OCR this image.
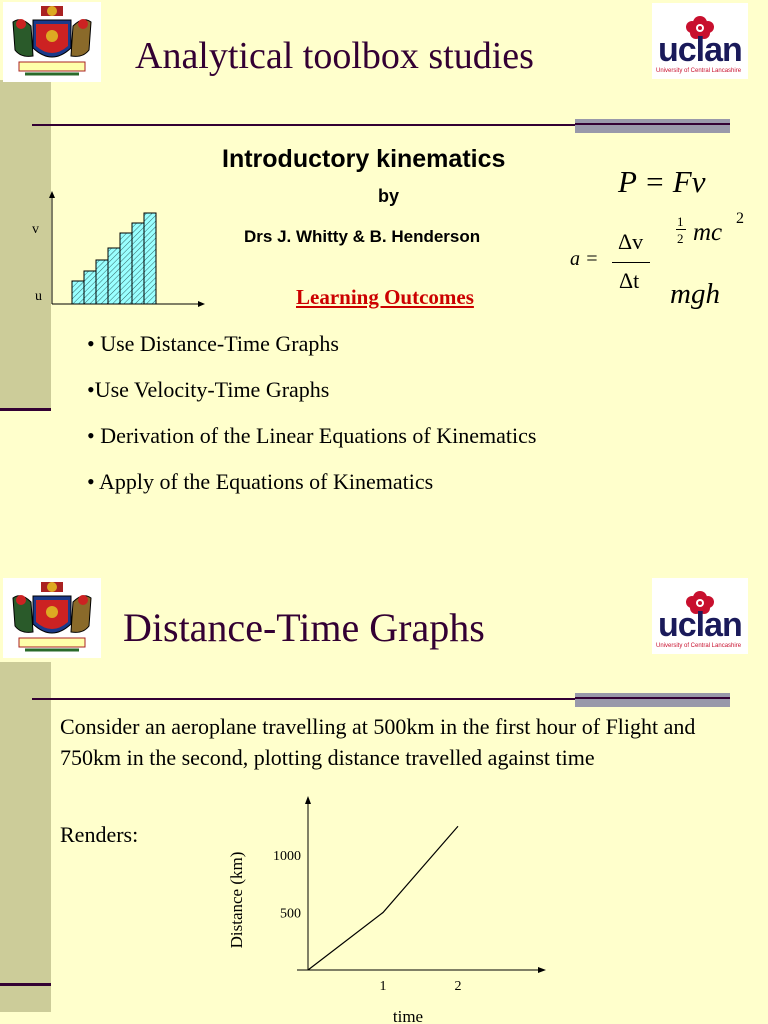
Analytical toolbox studies	uclan
University of Central Lancashire
v
u
Introductory kinematics
by
Drs J. Whitty & B. Henderson
Learning Outcomes
P = Fv
1
2 mc
2
a =
Δv
Δt mgh
• Use Distance-Time Graphs
•Use Velocity-Time Graphs
• Derivation of the Linear Equations of Kinematics
• Apply of the Equations of Kinematics
Distance-Time Graphs	uclan
University of Central Lancashire
Consider an aeroplane travelling at 500km in the first hour of Flight and 750km in the second, plotting distance travelled against time
Renders:
1	2
500
1000
time
Distance (km)
